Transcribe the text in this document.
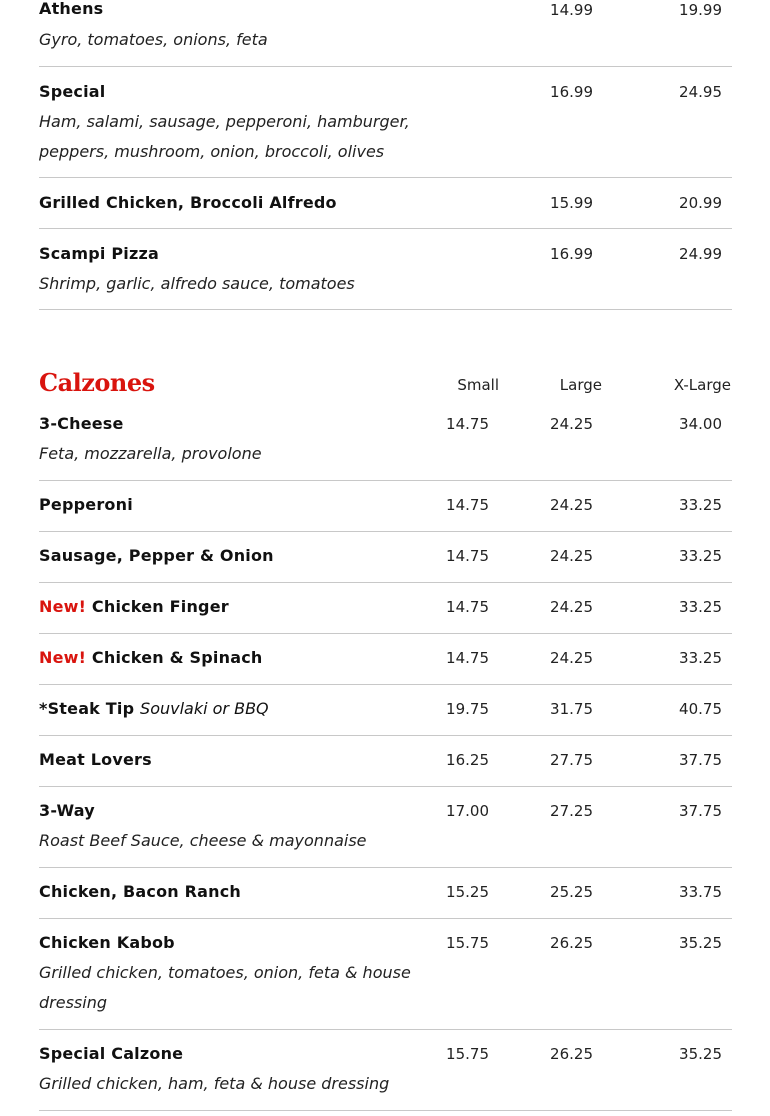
Athens
Gyro, tomatoes, onions, feta
14.99	19.99
Special
Ham, salami, sausage, pepperoni, hamburger, peppers, mushroom, onion, broccoli, olives
16.99	24.95
Grilled Chicken, Broccoli Alfredo	15.99	20.99
Scampi Pizza
Shrimp, garlic, alfredo sauce, tomatoes
16.99	24.99
Calzones	Small	Large	X-Large
3-Cheese
Feta, mozzarella, provolone
14.75	24.25	34.00
Pepperoni	14.75	24.25	33.25
Sausage, Pepper & Onion	14.75	24.25	33.25
New! Chicken Finger	14.75	24.25	33.25
New! Chicken & Spinach	14.75	24.25	33.25
*Steak Tip Souvlaki or BBQ	19.75	31.75	40.75
Meat Lovers	16.25	27.75	37.75
3-Way
Roast Beef Sauce, cheese & mayonnaise
17.00	27.25	37.75
Chicken, Bacon Ranch	15.25	25.25	33.75
Chicken Kabob
Grilled chicken, tomatoes, onion, feta & house dressing
15.75	26.25	35.25
Special Calzone
Grilled chicken, ham, feta & house dressing
15.75	26.25	35.25
